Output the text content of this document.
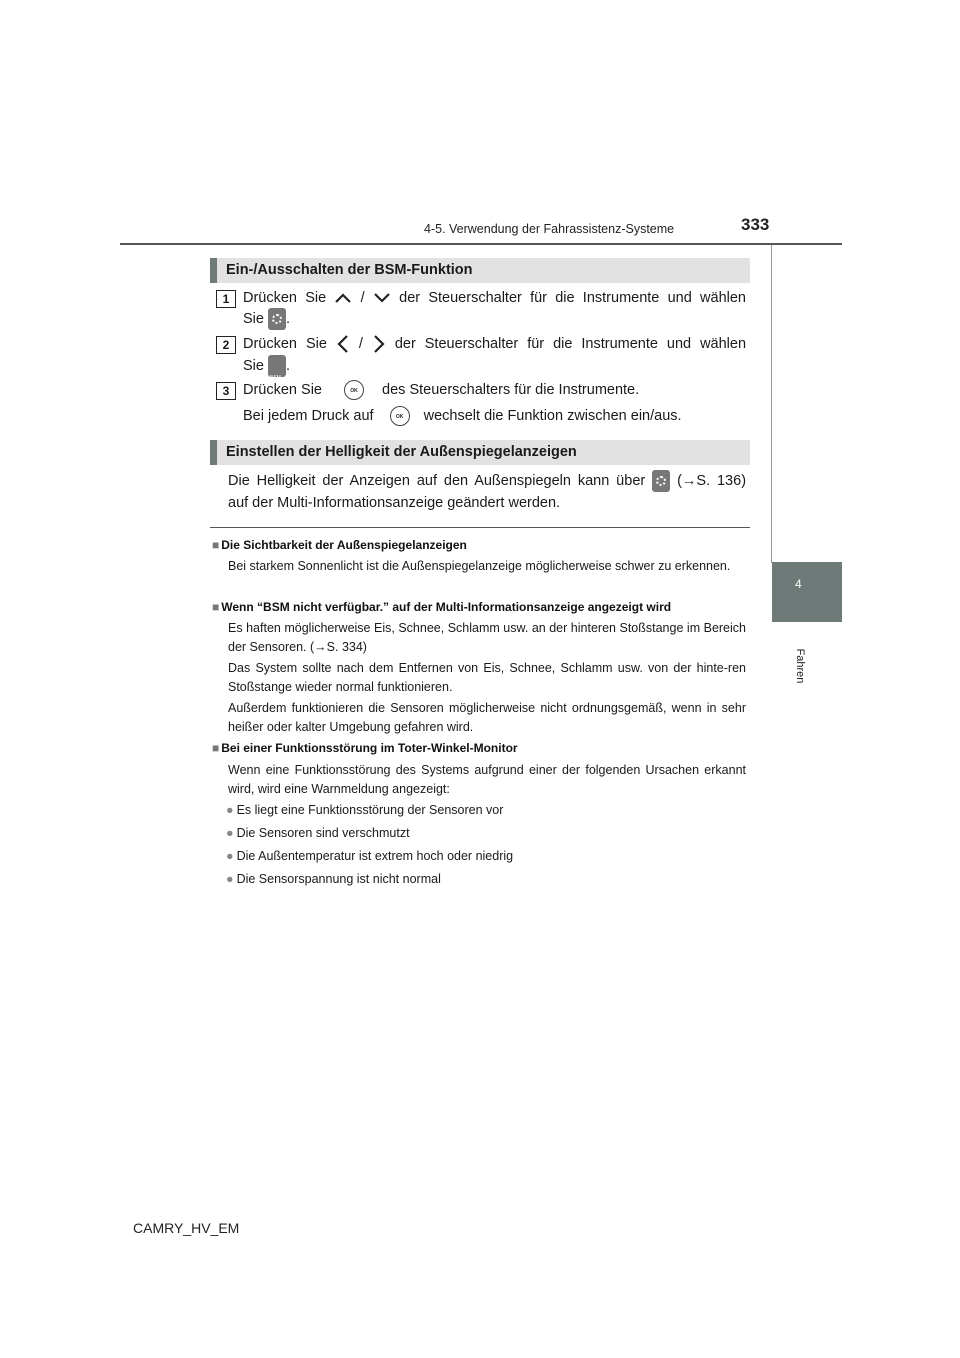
4-5. Verwendung der Fahrassistenz-Systeme	333
4
Fahren
Ein-/Ausschalten der BSM-Funktion
1 Drücken Sie / der Steuerschalter für die Instrumente und wählen
Sie .
2 Drücken Sie / der Steuerschalter für die Instrumente und wählen
Sie BSM .
3 Drücken Sie	OK des Steuerschalters für die Instrumente.
Bei jedem Druck auf	OK wechselt die Funktion zwischen ein/aus.
Einstellen der Helligkeit der Außenspiegelanzeigen
Die Helligkeit der Anzeigen auf den Außenspiegeln kann über (→S. 136)
auf der Multi-Informationsanzeige geändert werden.
■ Die Sichtbarkeit der Außenspiegelanzeigen
Bei starkem Sonnenlicht ist die Außenspiegelanzeige möglicherweise schwer zu erkennen.
■ Wenn “BSM nicht verfügbar.” auf der Multi-Informationsanzeige angezeigt wird
Es haften möglicherweise Eis, Schnee, Schlamm usw. an der hinteren Stoßstange im Bereich der Sensoren. (→S. 334)
Das System sollte nach dem Entfernen von Eis, Schnee, Schlamm usw. von der hinte-ren Stoßstange wieder normal funktionieren.
Außerdem funktionieren die Sensoren möglicherweise nicht ordnungsgemäß, wenn in sehr heißer oder kalter Umgebung gefahren wird.
■ Bei einer Funktionsstörung im Toter-Winkel-Monitor
Wenn eine Funktionsstörung des Systems aufgrund einer der folgenden Ursachen erkannt wird, wird eine Warnmeldung angezeigt:
● Es liegt eine Funktionsstörung der Sensoren vor
● Die Sensoren sind verschmutzt
● Die Außentemperatur ist extrem hoch oder niedrig
● Die Sensorspannung ist nicht normal
CAMRY_HV_EM
